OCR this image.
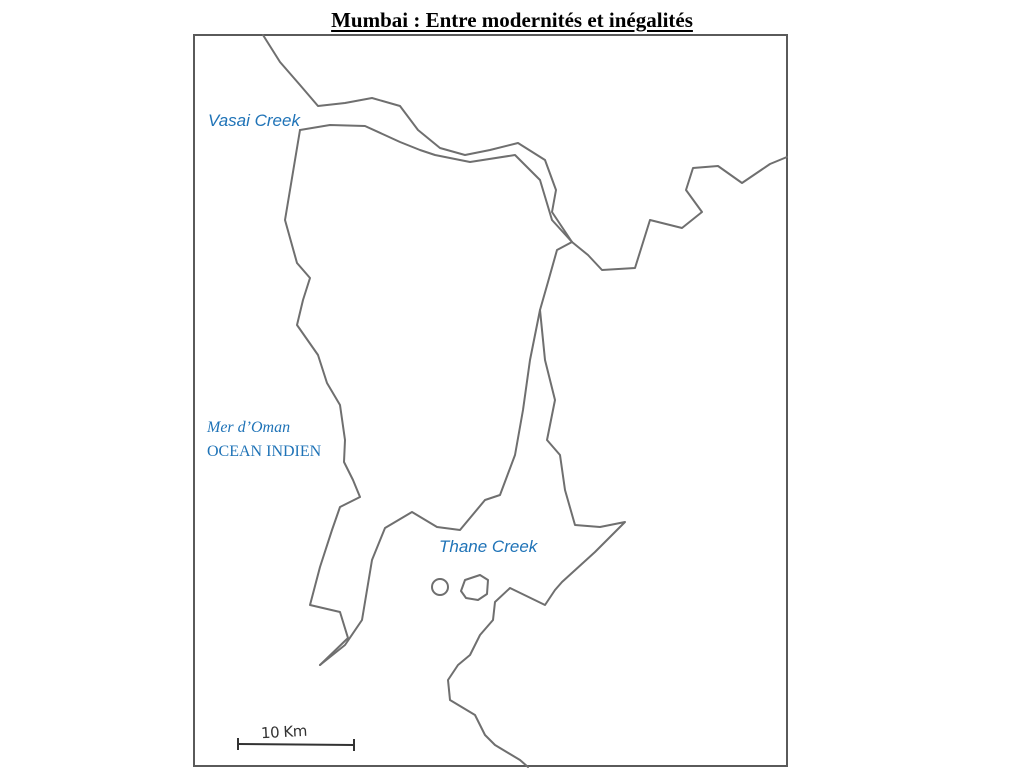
Mumbai : Entre modernités et inégalités
Vasai Creek
Mer d’Oman
OCEAN INDIEN
Thane Creek
10 Km
